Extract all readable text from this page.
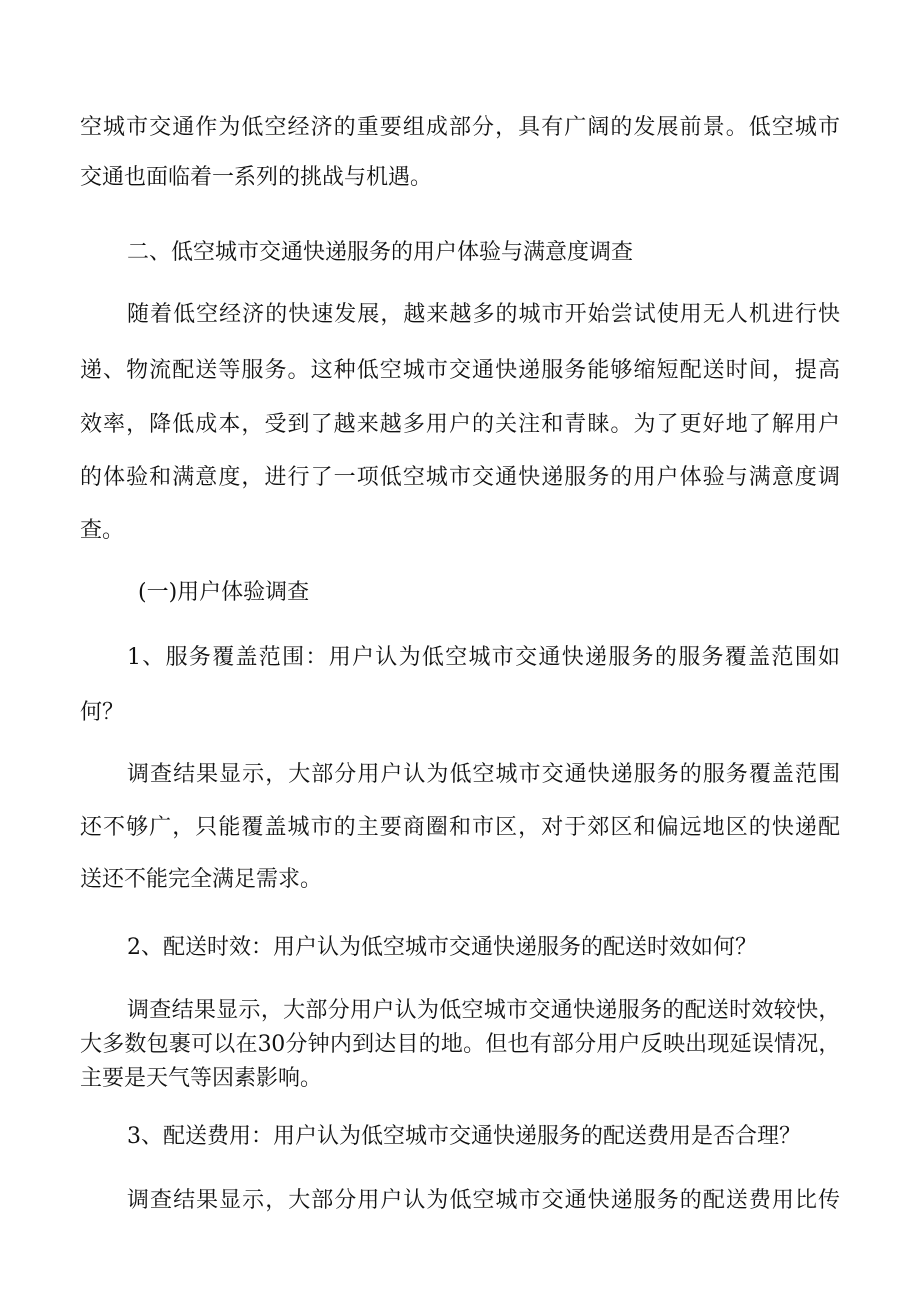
空城市交通作为低空经济的重要组成部分，具有广阔的发展前景。低空城市
交通也面临着一系列的挑战与机遇。
二、低空城市交通快递服务的用户体验与满意度调查
随着低空经济的快速发展，越来越多的城市开始尝试使用无人机进行快
递、物流配送等服务。这种低空城市交通快递服务能够缩短配送时间，提高
效率，降低成本，受到了越来越多用户的关注和青睐。为了更好地了解用户
的体验和满意度，进行了一项低空城市交通快递服务的用户体验与满意度调
查。
(一)用户体验调查
1、服务覆盖范围：用户认为低空城市交通快递服务的服务覆盖范围如
何？
调查结果显示，大部分用户认为低空城市交通快递服务的服务覆盖范围
还不够广，只能覆盖城市的主要商圈和市区，对于郊区和偏远地区的快递配
送还不能完全满足需求。
2、配送时效：用户认为低空城市交通快递服务的配送时效如何？
调查结果显示，大部分用户认为低空城市交通快递服务的配送时效较快，
大多数包裹可以在30分钟内到达目的地。但也有部分用户反映出现延误情况，
主要是天气等因素影响。
3、配送费用：用户认为低空城市交通快递服务的配送费用是否合理？
调查结果显示，大部分用户认为低空城市交通快递服务的配送费用比传
